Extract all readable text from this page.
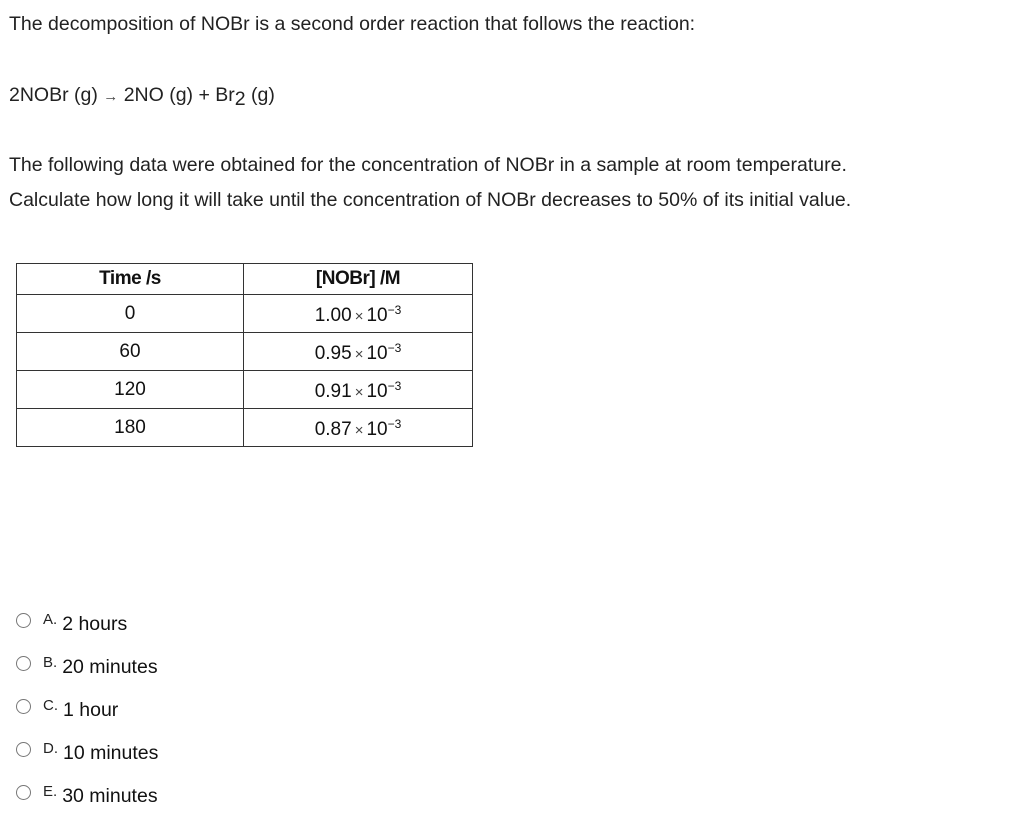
The decomposition of NOBr is a second order reaction that follows the reaction:
2NOBr (g) → 2NO (g) + Br2 (g)
The following data were obtained for the concentration of NOBr in a sample at room temperature.
Calculate how long it will take until the concentration of NOBr decreases to 50% of its initial value.
Time /s	[NOBr] /M
0	$1.00 \times 10^{-3}$
60	$0.95 \times 10^{-3}$
120	$0.91 \times 10^{-3}$
180	$0.87 \times 10^{-3}$
A. 2 hours
B. 20 minutes
C. 1 hour
D. 10 minutes
E. 30 minutes
